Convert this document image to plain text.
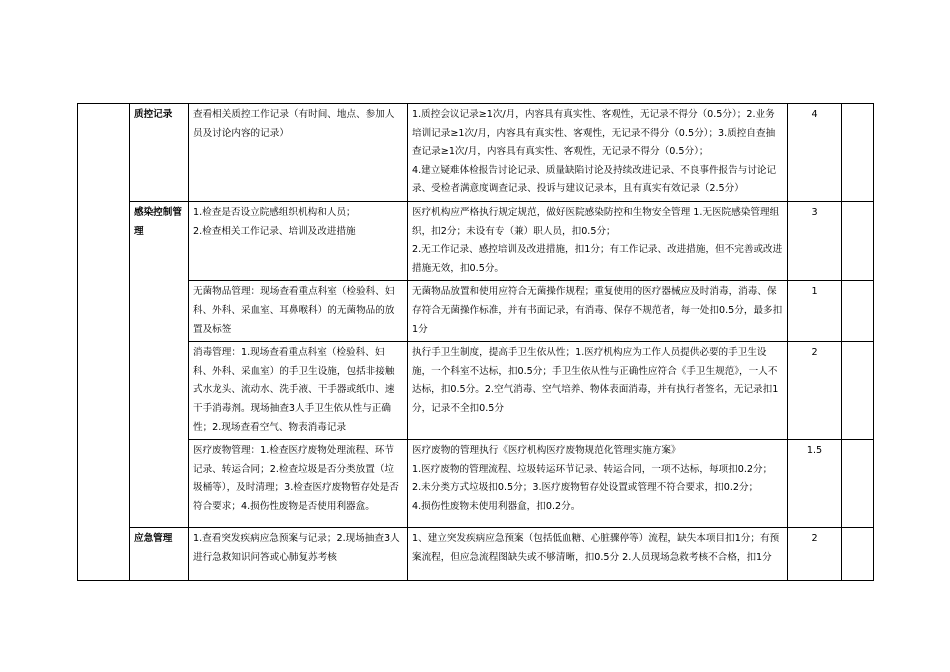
	质控记录	查看相关质控工作记录（有时间、地点、参加人员及讨论内容的记录）	1.质控会议记录≥1次/月，内容具有真实性、客观性，无记录不得分（0.5分）；2.业务培训记录≥1次/月，内容具有真实性、客观性，无记录不得分（0.5分）；3.质控自查抽查记录≥1次/月，内容具有真实性、客观性，无记录不得分（0.5分）；
4.建立疑难体检报告讨论记录、质量缺陷讨论及持续改进记录、不良事件报告与讨论记录、受检者满意度调查记录、投诉与建议记录本，且有真实有效记录（2.5分）	4	
	感染控制管理	1.检查是否设立院感组织机构和人员；
2.检查相关工作记录、培训及改进措施	医疗机构应严格执行规定规范，做好医院感染防控和生物安全管理 1.无医院感染管理组织，扣2分；未设有专（兼）职人员，扣0.5分；
2.无工作记录、感控培训及改进措施，扣1分；有工作记录、改进措施，但不完善或改进措施无效，扣0.5分。	3	

		无菌物品管理：现场查看重点科室（检验科、妇科、外科、采血室、耳鼻喉科）的无菌物品的放置及标签	无菌物品放置和使用应符合无菌操作规程；重复使用的医疗器械应及时消毒，消毒、保存符合无菌操作标准，并有书面记录，有消毒、保存不规范者，每一处扣0.5分，最多扣1分	1	

		消毒管理：1.现场查看重点科室（检验科、妇科、外科、采血室）的手卫生设施，包括非接触式水龙头、流动水、洗手液、干手器或纸巾、速干手消毒剂。现场抽查3人手卫生依从性与正确性；2.现场查看空气、物表消毒记录	执行手卫生制度，提高手卫生依从性；1.医疗机构应为工作人员提供必要的手卫生设施，一个科室不达标，扣0.5分；手卫生依从性与正确性应符合《手卫生规范》，一人不达标，扣0.5分。2.空气消毒、空气培养、物体表面消毒，并有执行者签名，无记录扣1分，记录不全扣0.5分	2	

		医疗废物管理：1.检查医疗废物处理流程、环节记录、转运合同；2.检查垃圾是否分类放置（垃圾桶等），及时清理；3.检查医疗废物暂存处是否符合要求；4.损伤性废物是否使用利器盒。	医疗废物的管理执行《医疗机构医疗废物规范化管理实施方案》
1.医疗废物的管理流程、垃圾转运环节记录、转运合同，一项不达标，每项扣0.2分；
2.未分类方式垃圾扣0.5分；3.医疗废物暂存处设置或管理不符合要求，扣0.2分；
4.损伤性废物未使用利器盒，扣0.2分。	1.5	
	应急管理	1.查看突发疾病应急预案与记录；2.现场抽查3人进行急救知识问答或心肺复苏考核	1、建立突发疾病应急预案（包括低血糖、心脏骤停等）流程，缺失本项目扣1分；有预案流程，但应急流程图缺失或不够清晰，扣0.5分 2.人员现场急救考核不合格，扣1分	2	
